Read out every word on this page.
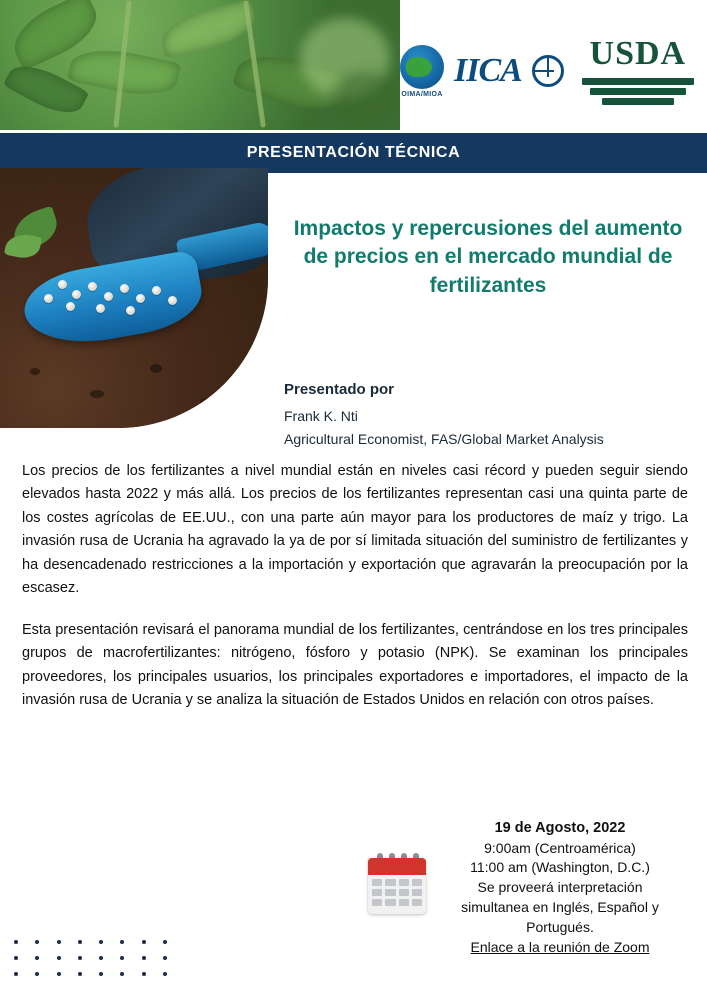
OIMA/MIOA
IICA USDA
PRESENTACIÓN TÉCNICA
Impactos y repercusiones del aumento de precios en el mercado mundial de fertilizantes
Presentado por
Frank K. Nti
Agricultural Economist, FAS/Global Market Analysis

Los precios de los fertilizantes a nivel mundial están en niveles casi récord y pueden seguir siendo elevados hasta 2022 y más allá. Los precios de los fertilizantes representan casi una quinta parte de los costes agrícolas de EE.UU., con una parte aún mayor para los productores de maíz y trigo. La invasión rusa de Ucrania ha agravado la ya de por sí limitada situación del suministro de fertilizantes y ha desencadenado restricciones a la importación y exportación que agravarán la preocupación por la escasez.

Esta presentación revisará el panorama mundial de los fertilizantes, centrándose en los tres principales grupos de macrofertilizantes: nitrógeno, fósforo y potasio (NPK). Se examinan los principales proveedores, los principales usuarios, los principales exportadores e importadores, el impacto de la invasión rusa de Ucrania y se analiza la situación de Estados Unidos en relación con otros países.

19 de Agosto, 2022
9:00am (Centroamérica)
11:00 am (Washington, D.C.)
Se proveerá interpretación
simultanea en Inglés, Español y
Portugués.
Enlace a la reunión de Zoom
